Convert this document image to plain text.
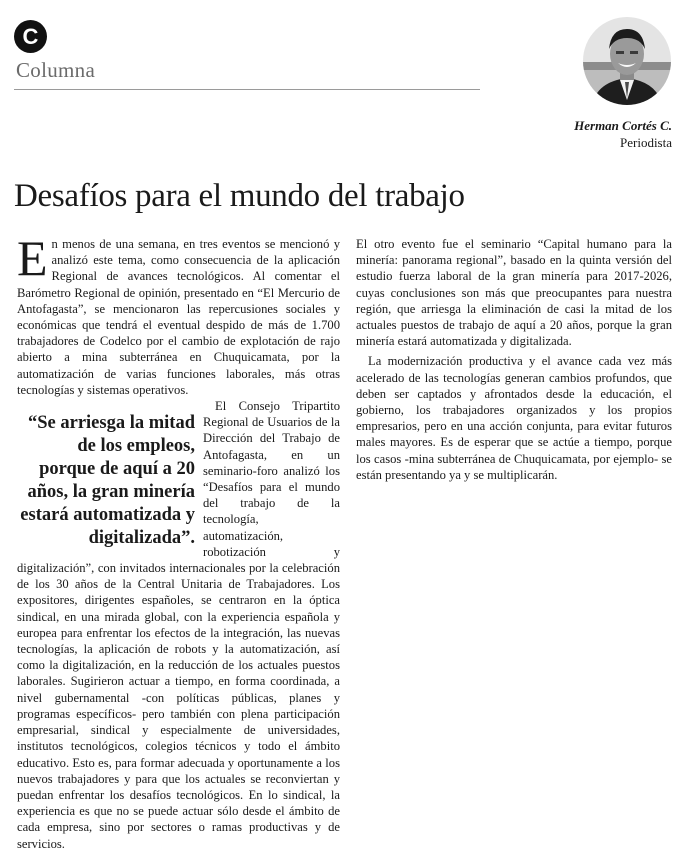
C
Columna
Herman Cortés C.
Periodista
Desafíos para el mundo del trabajo

En menos de una semana, en tres eventos se mencionó y analizó este tema, como consecuencia de la aplicación Regional de avances tecnológicos. Al comentar el Barómetro Regional de opinión, presentado en “El Mercurio de Antofagasta”, se mencionaron las repercusiones sociales y económicas que tendrá el eventual despido de más de 1.700 trabajadores de Codelco por el cambio de explotación de rajo abierto a mina subterránea en Chuquicamata, por la automatización de varias funciones laborales, más otras tecnologías y sistemas operativos.

“Se arriesga la mitad de los empleos, porque de aquí a 20 años, la gran minería estará automatizada y digitalizada”.

El Consejo Tripartito Regional de Usuarios de la Dirección del Trabajo de Antofagasta, en un seminario-foro analizó los “Desafíos para el mundo del trabajo de la tecnología, automatización, robotización y digitalización”, con invitados internacionales por la celebración de los 30 años de la Central Unitaria de Trabajadores. Los expositores, dirigentes españoles, se centraron en la óptica sindical, en una mirada global, con la experiencia española y europea para enfrentar los efectos de la integración, las nuevas tecnologías, la aplicación de robots y la automatización, así como la digitalización, en la reducción de los actuales puestos laborales. Sugirieron actuar a tiempo, en forma coordinada, a nivel gubernamental -con políticas públicas, planes y programas específicos- pero también con plena participación empresarial, sindical y especialmente de universidades, institutos tecnológicos, colegios técnicos y todo el ámbito educativo. Esto es, para formar adecuada y oportunamente a los nuevos trabajadores y para que los actuales se reconviertan y puedan enfrentar los desafíos tecnológicos. En lo sindical, la experiencia es que no se puede actuar sólo desde el ámbito de cada empresa, sino por sectores o ramas productivas y de servicios.

El otro evento fue el seminario “Capital humano para la minería: panorama regional”, basado en la quinta versión del estudio fuerza laboral de la gran minería para 2017-2026, cuyas conclusiones son más que preocupantes para nuestra región, que arriesga la eliminación de casi la mitad de los actuales puestos de trabajo de aquí a 20 años, porque la gran minería estará automatizada y digitalizada.

La modernización productiva y el avance cada vez más acelerado de las tecnologías generan cambios profundos, que deben ser captados y afrontados desde la educación, el gobierno, los trabajadores organizados y los propios empresarios, pero en una acción conjunta, para evitar futuros males mayores. Es de esperar que se actúe a tiempo, porque los casos -mina subterránea de Chuquicamata, por ejemplo- se están presentando ya y se multiplicarán.
